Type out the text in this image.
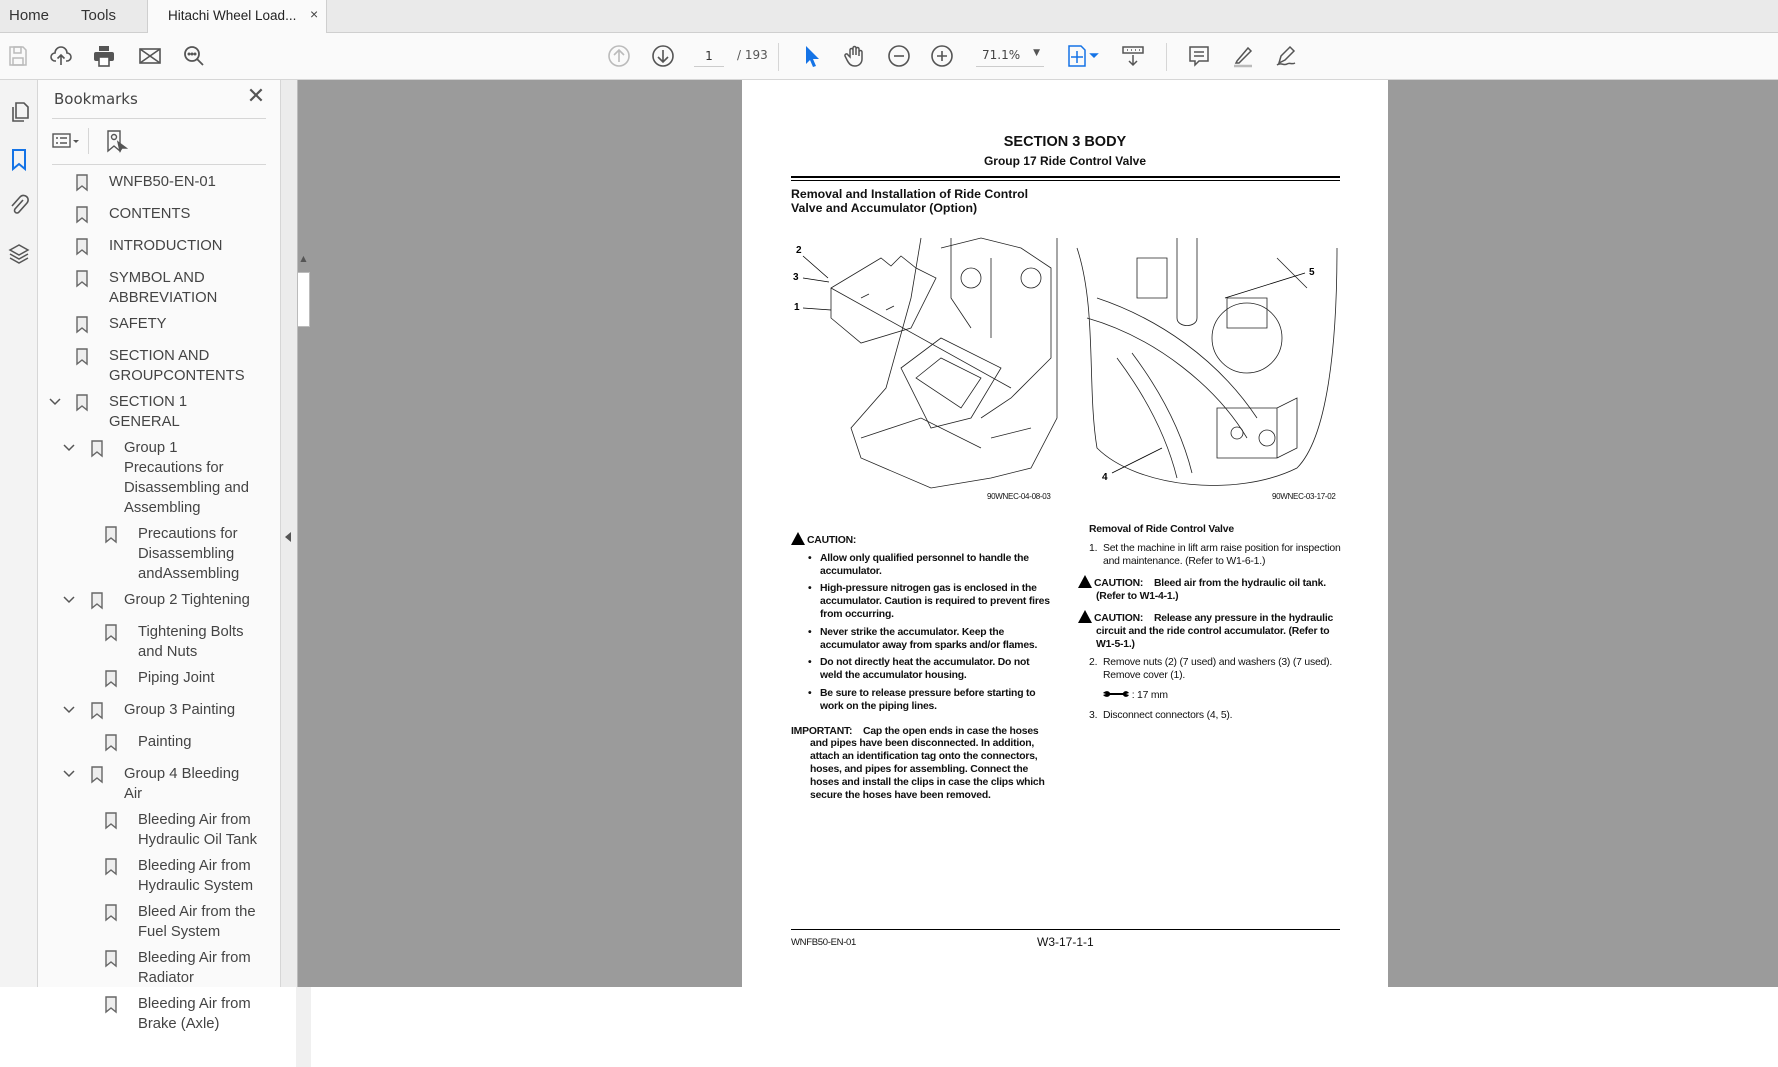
Home Tools	Hitachi Wheel Load... ×
1
/ 193	71.1% ▼
Bookmarks	✕
WNFB50-EN-01
CONTENTS
INTRODUCTION
SYMBOL AND ABBREVIATION
SAFETY
SECTION AND GROUPCONTENTS
SECTION 1 GENERAL
Group 1 Precautions for Disassembling and Assembling
Precautions for Disassembling andAssembling
Group 2 Tightening
Tightening Bolts and Nuts
Piping Joint
Group 3 Painting
Painting
Group 4 Bleeding Air
Bleeding Air from Hydraulic Oil Tank
Bleeding Air from Hydraulic System
Bleed Air from the Fuel System
Bleeding Air from Radiator
Bleeding Air from Brake (Axle)
▲
SECTION 3 BODY
Group 17 Ride Control Valve
Removal and Installation of Ride Control
Valve and Accumulator (Option)
2
3
1
90WNEC-04-08-03
5
4
90WNEC-03-17-02
CAUTION:
• Allow only qualified personnel to handle the accumulator.
• High-pressure nitrogen gas is enclosed in the accumulator. Caution is required to prevent fires from occurring.
• Never strike the accumulator. Keep the accumulator away from sparks and/or flames.
• Do not directly heat the accumulator. Do not weld the accumulator housing.
• Be sure to release pressure before starting to work on the piping lines.
IMPORTANT: Cap the open ends in case the hoses and pipes have been disconnected. In addition, attach an identification tag onto the connectors, hoses, and pipes for assembling. Connect the hoses and install the clips in case the clips which secure the hoses have been removed.
Removal of Ride Control Valve
1. Set the machine in lift arm raise position for inspection and maintenance. (Refer to W1-6-1.)
CAUTION: Bleed air from the hydraulic oil tank. (Refer to W1-4-1.)
CAUTION: Release any pressure in the hydraulic circuit and the ride control accumulator. (Refer to W1-5-1.)
2. Remove nuts (2) (7 used) and washers (3) (7 used). Remove cover (1).
: 17 mm
3. Disconnect connectors (4, 5).
WNFB50-EN-01	W3-17-1-1
